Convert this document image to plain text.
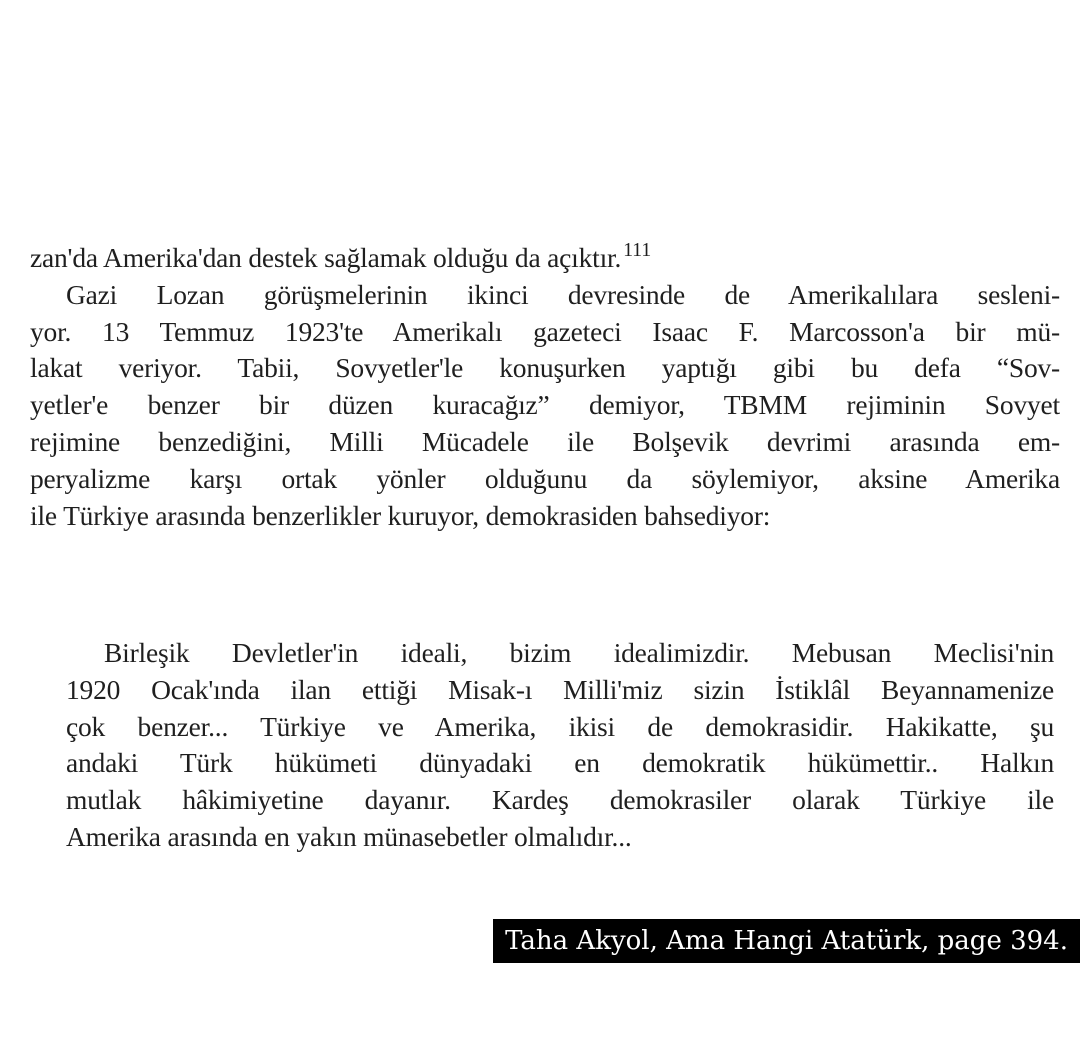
zan'da Amerika'dan destek sağlamak olduğu da açıktır. $^{111}$
Gazi Lozan görüşmelerinin ikinci devresinde de Amerikalılara sesleni-
yor. 13 Temmuz 1923'te Amerikalı gazeteci Isaac F. Marcosson'a bir mü-
lakat veriyor. Tabii, Sovyetler'le konuşurken yaptığı gibi bu defa “Sov-
yetler'e benzer bir düzen kuracağız” demiyor, TBMM rejiminin Sovyet
rejimine benzediğini, Milli Mücadele ile Bolşevik devrimi arasında em-
peryalizme karşı ortak yönler olduğunu da söylemiyor, aksine Amerika
ile Türkiye arasında benzerlikler kuruyor, demokrasiden bahsediyor:
Birleşik Devletler'in ideali, bizim idealimizdir. Mebusan Meclisi'nin
1920 Ocak'ında ilan ettiği Misak-ı Milli'miz sizin İstiklâl Beyannamenize
çok benzer... Türkiye ve Amerika, ikisi de demokrasidir. Hakikatte, şu
andaki Türk hükümeti dünyadaki en demokratik hükümettir.. Halkın
mutlak hâkimiyetine dayanır. Kardeş demokrasiler olarak Türkiye ile
Amerika arasında en yakın münasebetler olmalıdır...
Taha Akyol, Ama Hangi Atatürk, page 394.
